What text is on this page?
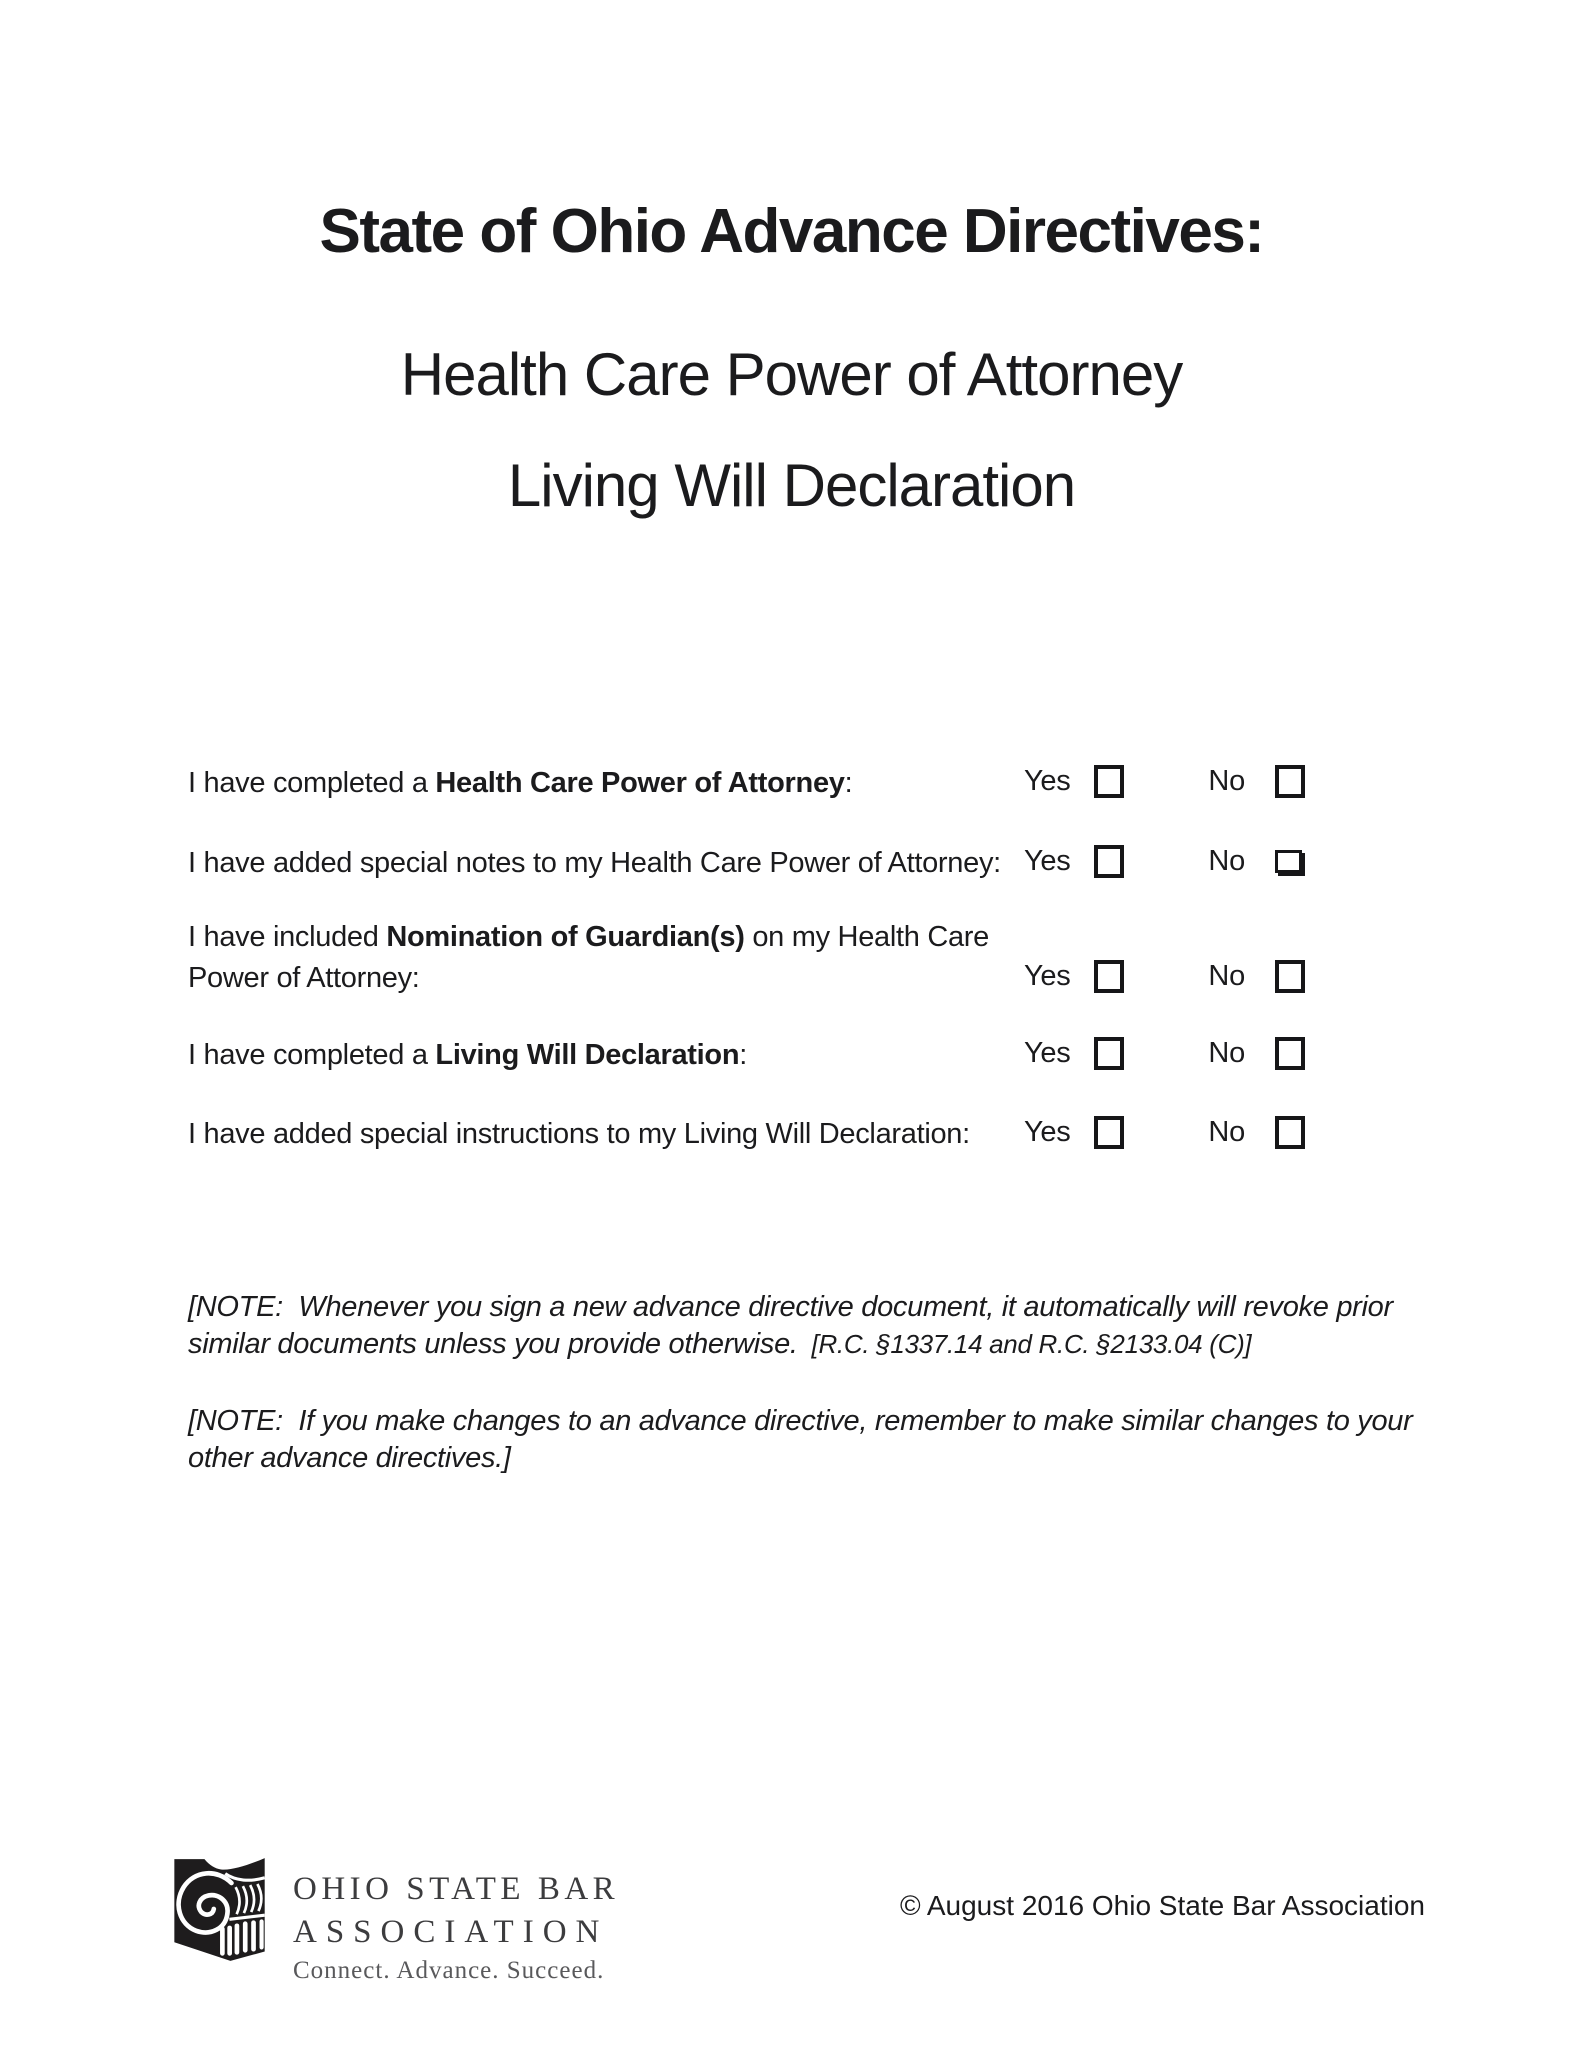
State of Ohio Advance Directives:
Health Care Power of Attorney
Living Will Declaration
I have completed a Health Care Power of Attorney:	Yes	No
I have added special notes to my Health Care Power of Attorney: Yes	No
I have included Nomination of Guardian(s) on my Health Care
Power of Attorney:	Yes	No
I have completed a Living Will Declaration:	Yes	No
I have added special instructions to my Living Will Declaration:	Yes	No

[NOTE:  Whenever you sign a new advance directive document, it automatically will revoke prior similar documents unless you provide otherwise.  [R.C. §1337.14 and R.C. §2133.04 (C)]

[NOTE:  If you make changes to an advance directive, remember to make similar changes to your other advance directives.]

OHIO STATE BAR
ASSOCIATION
Connect. Advance. Succeed.
© August 2016 Ohio State Bar Association
